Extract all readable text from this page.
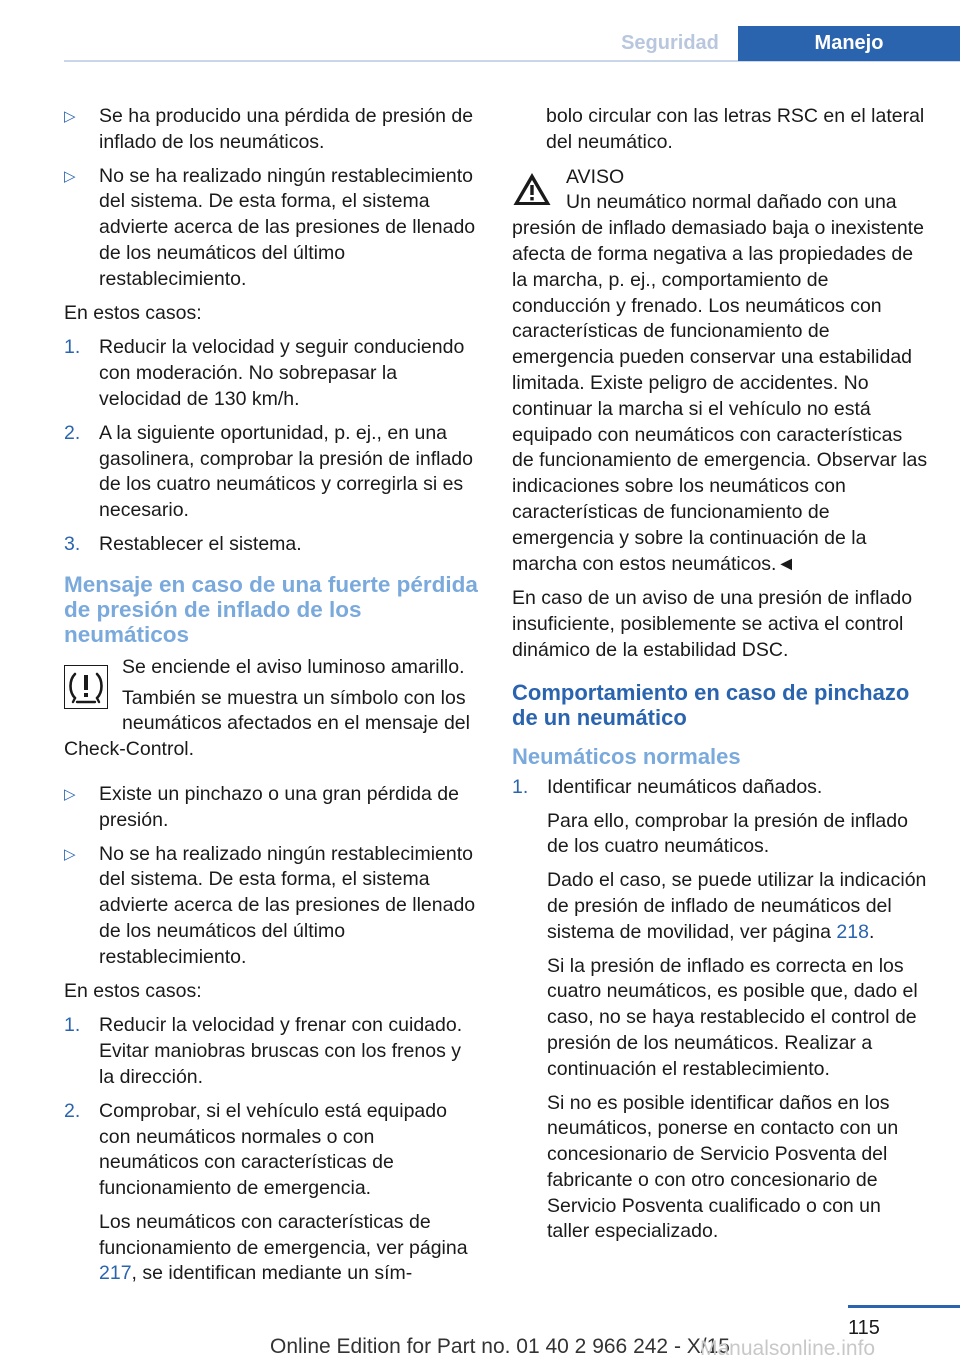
Seguridad	Manejo
▷ Se ha producido una pérdida de presión de inflado de los neumáticos.
▷ No se ha realizado ningún restablecimiento del sistema. De esta forma, el sistema advierte acerca de las presiones de llenado de los neumáticos del último restablecimiento.

En estos casos:

1. Reducir la velocidad y seguir conduciendo con moderación. No sobrepasar la velocidad de 130 km/h.
2. A la siguiente oportunidad, p. ej., en una gasolinera, comprobar la presión de inflado de los cuatro neumáticos y corregirla si es necesario.
3. Restablecer el sistema.
Mensaje en caso de una fuerte pérdida de presión de inflado de los neumáticos

Se enciende el aviso luminoso amarillo.

También se muestra un símbolo con los neumáticos afectados en el mensaje del Check-Control.

▷ Existe un pinchazo o una gran pérdida de presión.
▷ No se ha realizado ningún restablecimiento del sistema. De esta forma, el sistema advierte acerca de las presiones de llenado de los neumáticos del último restablecimiento.

En estos casos:

1. Reducir la velocidad y frenar con cuidado. Evitar maniobras bruscas con los frenos y la dirección.
2. Comprobar, si el vehículo está equipado con neumáticos normales o con neumáticos con características de funcionamiento de emergencia.

Los neumáticos con características de funcionamiento de emergencia, ver página 217, se identifican mediante un sím-

bolo circular con las letras RSC en el lateral del neumático.

AVISO

Un neumático normal dañado con una presión de inflado demasiado baja o inexistente afecta de forma negativa a las propiedades de la marcha, p. ej., comportamiento de conducción y frenado. Los neumáticos con características de funcionamiento de emergencia pueden conservar una estabilidad limitada. Existe peligro de accidentes. No continuar la marcha si el vehículo no está equipado con neumáticos con características de funcionamiento de emergencia. Observar las indicaciones sobre los neumáticos con características de funcionamiento de emergencia y sobre la continuación de la marcha con estos neumáticos.◄

En caso de un aviso de una presión de inflado insuficiente, posiblemente se activa el control dinámico de la estabilidad DSC.

Comportamiento en caso de pinchazo de un neumático
Neumáticos normales
1. Identificar neumáticos dañados.

Para ello, comprobar la presión de inflado de los cuatro neumáticos.

Dado el caso, se puede utilizar la indicación de presión de inflado de neumáticos del sistema de movilidad, ver página 218.

Si la presión de inflado es correcta en los cuatro neumáticos, es posible que, dado el caso, no se haya restablecido el control de presión de los neumáticos. Realizar a continuación el restablecimiento.

Si no es posible identificar daños en los neumáticos, ponerse en contacto con un concesionario de Servicio Posventa del fabricante o con otro concesionario de Servicio Posventa cualificado o con un taller especializado.

115
Online Edition for Part no. 01 40 2 966 242 - X/15
Manualsonline.info
